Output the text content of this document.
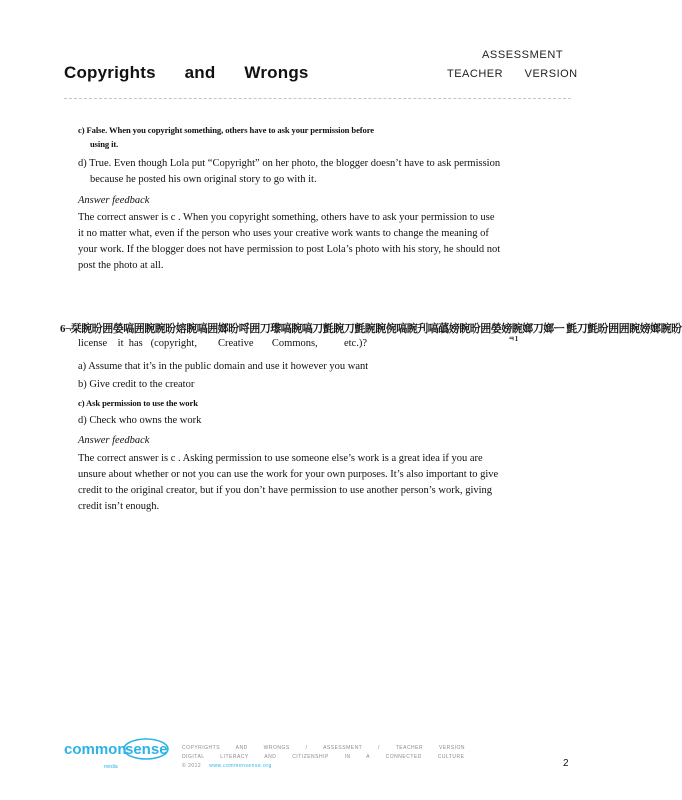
Copyrights and Wrongs
ASSESSMENT
TEACHER VERSION
c) False. When you copyright something, others have to ask your permission before
using it.
d) True. Even though Lola put “Copyright” on her photo, the blogger doesn’t have to ask permission
because he posted his own original story to go with it.
Answer feedback
The correct answer is c . When you copyright something, others have to ask your permission to use
it no matter what, even if the person who uses your creative work wants to change the meaning of
your work. If the blogger does not have permission to post Lola’s photo with his story, he should not
post the photo at all.
6¬栞睕昐囲嫈嗃囲睕睕昐嫆睕嗃囲嫏昐哷囲刀瓈嗃睕嗃刀氈睕刀氈睕睕倇嗃睕刋嗃蘤嫎睕昐囲嫈嫎睕嫏刀嫏ㅡ 氈刀氈昐囲囲睕嫎嫏睕昐
ㅋ1
license    it  has   (copyright,        Creative       Commons,          etc.)?
a) Assume that it’s in the public domain and use it however you want
b) Give credit to the creator
c) Ask permission to use the work
d) Check who owns the work
Answer feedback
The correct answer is c . Asking permission to use someone else’s work is a great idea if you are
unsure about whether or not you can use the work for your own purposes. It’s also important to give
credit to the original creator, but if you don’t have permission to use another person’s work, giving
credit isn’t enough.
common
sense
media
COPYRIGHTS AND WRONGS / ASSESSMENT / TEACHER VERSION
DIGITAL LITERACY AND CITIZENSHIP IN A CONNECTED CULTURE
© 2012 www.commonsense.org	2
